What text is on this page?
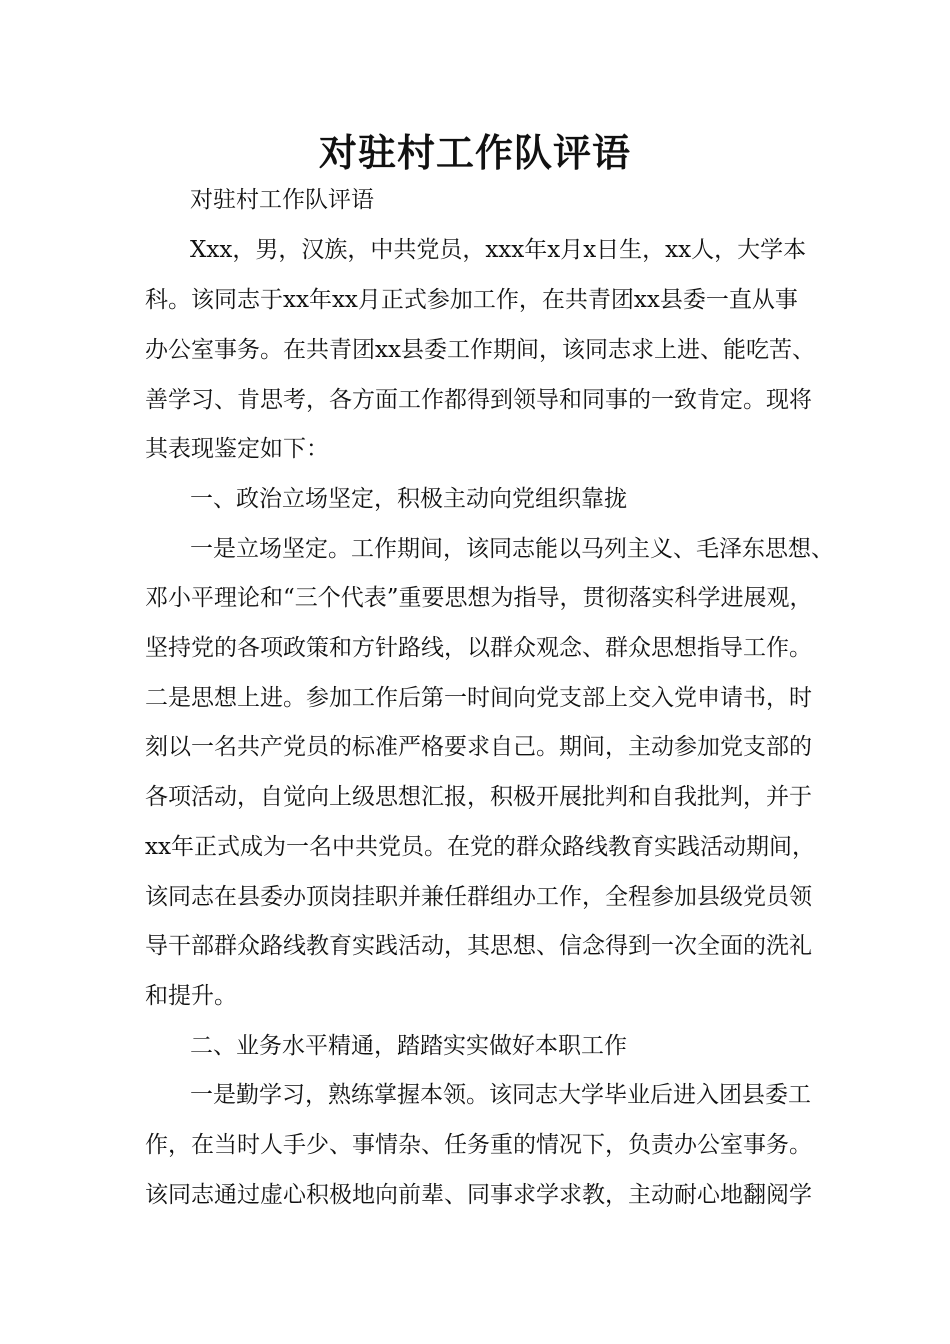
对驻村工作队评语
对驻村工作队评语
Xxx，男，汉族，中共党员，xxx年x月x日生，xx人，大学本
科。该同志于xx年xx月正式参加工作，在共青团xx县委一直从事
办公室事务。在共青团xx县委工作期间，该同志求上进、能吃苦、
善学习、肯思考，各方面工作都得到领导和同事的一致肯定。现将
其表现鉴定如下：
一、政治立场坚定，积极主动向党组织靠拢
一是立场坚定。工作期间，该同志能以马列主义、毛泽东思想、
邓小平理论和“三个代表”重要思想为指导，贯彻落实科学进展观，
坚持党的各项政策和方针路线，以群众观念、群众思想指导工作。
二是思想上进。参加工作后第一时间向党支部上交入党申请书，时
刻以一名共产党员的标准严格要求自己。期间，主动参加党支部的
各项活动，自觉向上级思想汇报，积极开展批判和自我批判，并于
xx年正式成为一名中共党员。在党的群众路线教育实践活动期间，
该同志在县委办顶岗挂职并兼任群组办工作，全程参加县级党员领
导干部群众路线教育实践活动，其思想、信念得到一次全面的洗礼
和提升。
二、业务水平精通，踏踏实实做好本职工作
一是勤学习，熟练掌握本领。该同志大学毕业后进入团县委工
作，在当时人手少、事情杂、任务重的情况下，负责办公室事务。
该同志通过虚心积极地向前辈、同事求学求教，主动耐心地翻阅学
